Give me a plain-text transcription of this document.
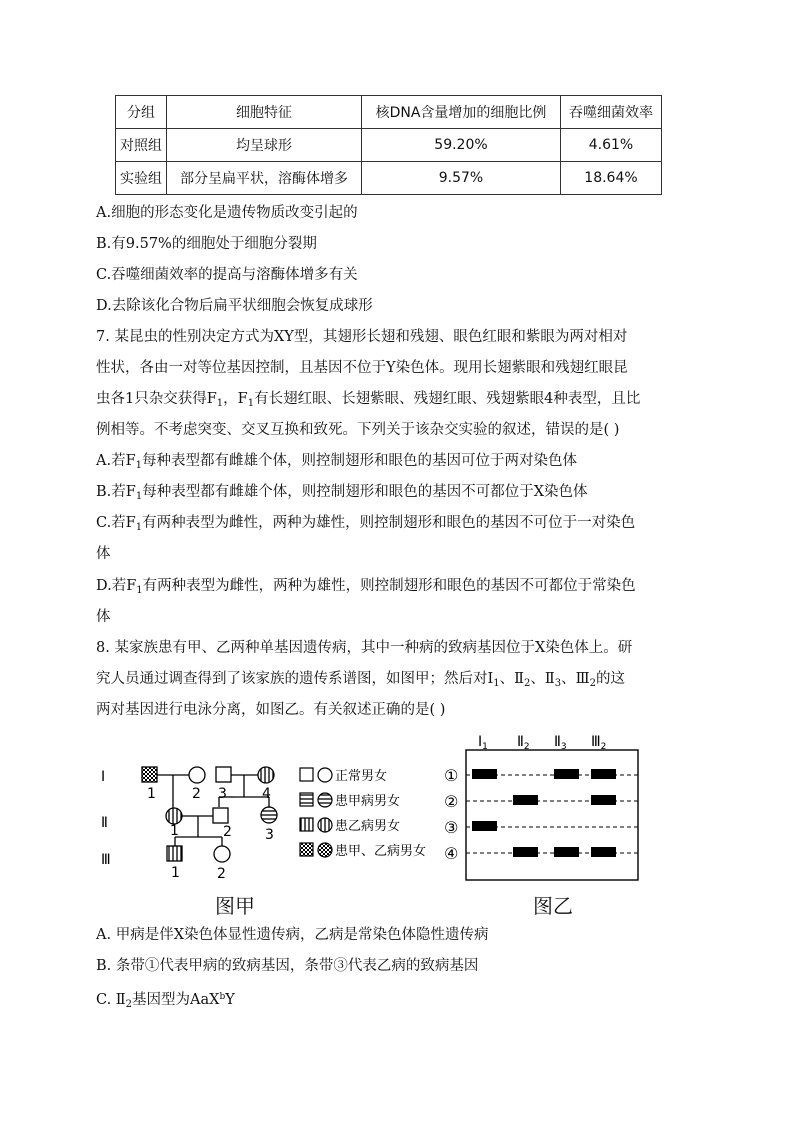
分组	细胞特征	核DNA含量增加的细胞比例	吞噬细菌效率
对照组	均呈球形	59.20%	4.61%
实验组	部分呈扁平状，溶酶体增多	9.57%	18.64%
A.细胞的形态变化是遗传物质改变引起的
B.有9.57%的细胞处于细胞分裂期
C.吞噬细菌效率的提高与溶酶体增多有关
D.去除该化合物后扁平状细胞会恢复成球形
7. 某昆虫的性别决定方式为XY型，其翅形长翅和残翅、眼色红眼和紫眼为两对相对
性状，各由一对等位基因控制，且基因不位于Y染色体。现用长翅紫眼和残翅红眼昆
虫各1只杂交获得$F_1$，$F_1$有长翅红眼、长翅紫眼、残翅红眼、残翅紫眼4种表型，且比
例相等。不考虑突变、交叉互换和致死。下列关于该杂交实验的叙述，错误的是( )
A.若$F_1$每种表型都有雌雄个体，则控制翅形和眼色的基因可位于两对染色体
B.若$F_1$每种表型都有雌雄个体，则控制翅形和眼色的基因不可都位于X染色体
C.若$F_1$有两种表型为雌性，两种为雄性，则控制翅形和眼色的基因不可位于一对染色
体
D.若$F_1$有两种表型为雌性，两种为雄性，则控制翅形和眼色的基因不可都位于常染色
体
8. 某家族患有甲、乙两种单基因遗传病，其中一种病的致病基因位于X染色体上。研
究人员通过调查得到了该家族的遗传系谱图，如图甲；然后对$Ⅰ_1$、$Ⅱ_2$、$Ⅱ_3$、$Ⅲ_2$的这
两对基因进行电泳分离，如图乙。有关叙述正确的是( )
Ⅰ
Ⅱ
Ⅲ
1	2 3	4
1	2 3
1	2
正常男女
患甲病男女
患乙病男女
患甲、乙病男女
$Ⅰ_1$ $Ⅱ_2$ $Ⅱ_3$ $Ⅲ_2$
①
②
③
④
图甲	图乙
A. 甲病是伴X染色体显性遗传病，乙病是常染色体隐性遗传病
B. 条带①代表甲病的致病基因，条带③代表乙病的致病基因
C. $Ⅱ_2$基因型为AaX$^b$Y
